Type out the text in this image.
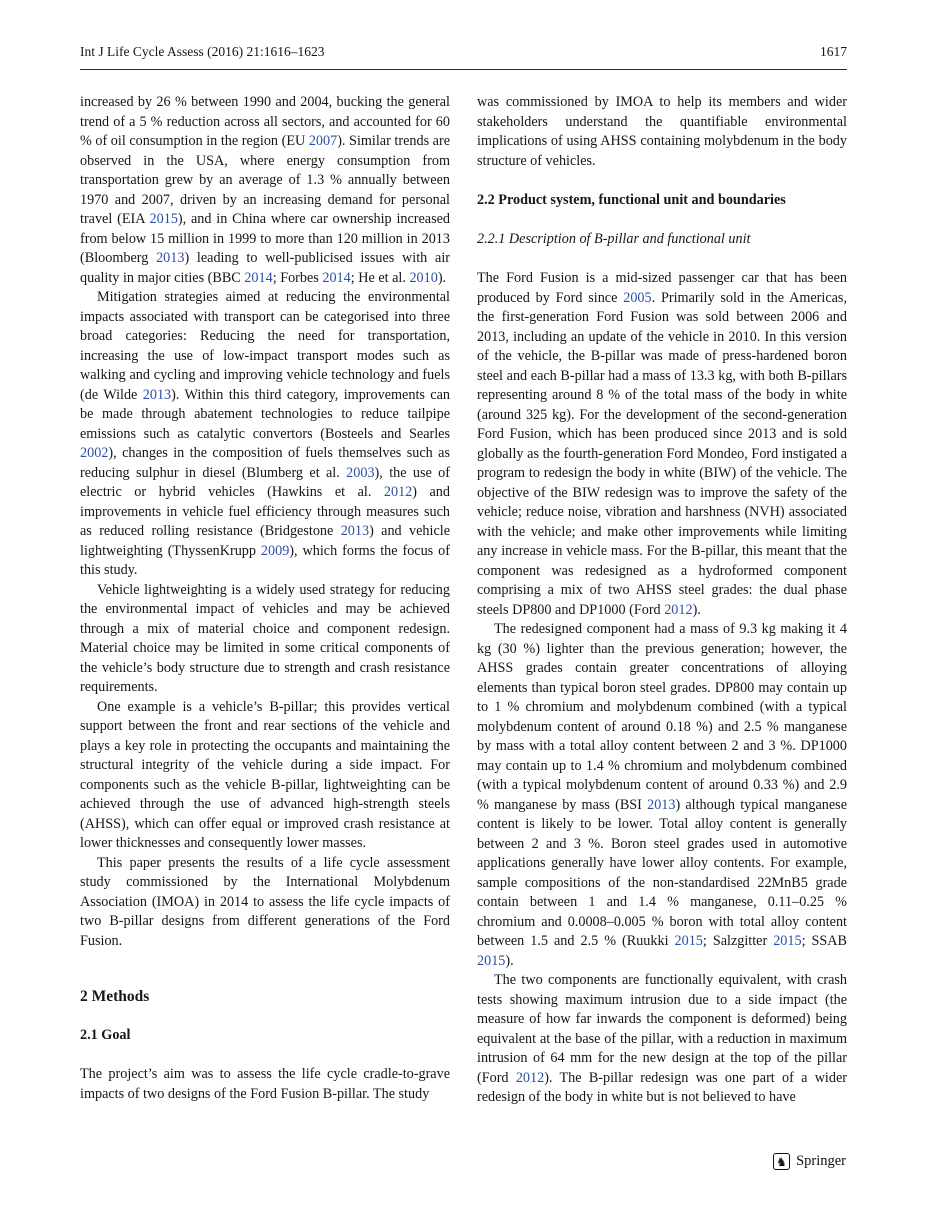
Int J Life Cycle Assess (2016) 21:1616–1623	1617

increased by 26 % between 1990 and 2004, bucking the general trend of a 5 % reduction across all sectors, and accounted for 60 % of oil consumption in the region (EU 2007). Similar trends are observed in the USA, where energy consumption from transportation grew by an average of 1.3 % annually between 1970 and 2007, driven by an increasing demand for personal travel (EIA 2015), and in China where car ownership increased from below 15 million in 1999 to more than 120 million in 2013 (Bloomberg 2013) leading to well-publicised issues with air quality in major cities (BBC 2014; Forbes 2014; He et al. 2010).

Mitigation strategies aimed at reducing the environmental impacts associated with transport can be categorised into three broad categories: Reducing the need for transportation, increasing the use of low-impact transport modes such as walking and cycling and improving vehicle technology and fuels (de Wilde 2013). Within this third category, improvements can be made through abatement technologies to reduce tailpipe emissions such as catalytic convertors (Bosteels and Searles 2002), changes in the composition of fuels themselves such as reducing sulphur in diesel (Blumberg et al. 2003), the use of electric or hybrid vehicles (Hawkins et al. 2012) and improvements in vehicle fuel efficiency through measures such as reduced rolling resistance (Bridgestone 2013) and vehicle lightweighting (ThyssenKrupp 2009), which forms the focus of this study.

Vehicle lightweighting is a widely used strategy for reducing the environmental impact of vehicles and may be achieved through a mix of material choice and component redesign. Material choice may be limited in some critical components of the vehicle’s body structure due to strength and crash resistance requirements.

One example is a vehicle’s B-pillar; this provides vertical support between the front and rear sections of the vehicle and plays a key role in protecting the occupants and maintaining the structural integrity of the vehicle during a side impact. For components such as the vehicle B-pillar, lightweighting can be achieved through the use of advanced high-strength steels (AHSS), which can offer equal or improved crash resistance at lower thicknesses and consequently lower masses.

This paper presents the results of a life cycle assessment study commissioned by the International Molybdenum Association (IMOA) in 2014 to assess the life cycle impacts of two B-pillar designs from different generations of the Ford Fusion.

2 Methods
2.1 Goal

The project’s aim was to assess the life cycle cradle-to-grave impacts of two designs of the Ford Fusion B-pillar. The study

was commissioned by IMOA to help its members and wider stakeholders understand the quantifiable environmental implications of using AHSS containing molybdenum in the body structure of vehicles.

2.2 Product system, functional unit and boundaries
2.2.1 Description of B-pillar and functional unit

The Ford Fusion is a mid-sized passenger car that has been produced by Ford since 2005. Primarily sold in the Americas, the first-generation Ford Fusion was sold between 2006 and 2013, including an update of the vehicle in 2010. In this version of the vehicle, the B-pillar was made of press-hardened boron steel and each B-pillar had a mass of 13.3 kg, with both B-pillars representing around 8 % of the total mass of the body in white (around 325 kg). For the development of the second-generation Ford Fusion, which has been produced since 2013 and is sold globally as the fourth-generation Ford Mondeo, Ford instigated a program to redesign the body in white (BIW) of the vehicle. The objective of the BIW redesign was to improve the safety of the vehicle; reduce noise, vibration and harshness (NVH) associated with the vehicle; and make other improvements while limiting any increase in vehicle mass. For the B-pillar, this meant that the component was redesigned as a hydroformed component comprising a mix of two AHSS steel grades: the dual phase steels DP800 and DP1000 (Ford 2012).

The redesigned component had a mass of 9.3 kg making it 4 kg (30 %) lighter than the previous generation; however, the AHSS grades contain greater concentrations of alloying elements than typical boron steel grades. DP800 may contain up to 1 % chromium and molybdenum combined (with a typical molybdenum content of around 0.18 %) and 2.5 % manganese by mass with a total alloy content between 2 and 3 %. DP1000 may contain up to 1.4 % chromium and molybdenum combined (with a typical molybdenum content of around 0.33 %) and 2.9 % manganese by mass (BSI 2013) although typical manganese content is likely to be lower. Total alloy content is generally between 2 and 3 %. Boron steel grades used in automotive applications generally have lower alloy contents. For example, sample compositions of the non-standardised 22MnB5 grade contain between 1 and 1.4 % manganese, 0.11–0.25 % chromium and 0.0008–0.005 % boron with total alloy content between 1.5 and 2.5 % (Ruukki 2015; Salzgitter 2015; SSAB 2015).

The two components are functionally equivalent, with crash tests showing maximum intrusion due to a side impact (the measure of how far inwards the component is deformed) being equivalent at the base of the pillar, with a reduction in maximum intrusion of 64 mm for the new design at the top of the pillar (Ford 2012). The B-pillar redesign was one part of a wider redesign of the body in white but is not believed to have

♞ Springer
